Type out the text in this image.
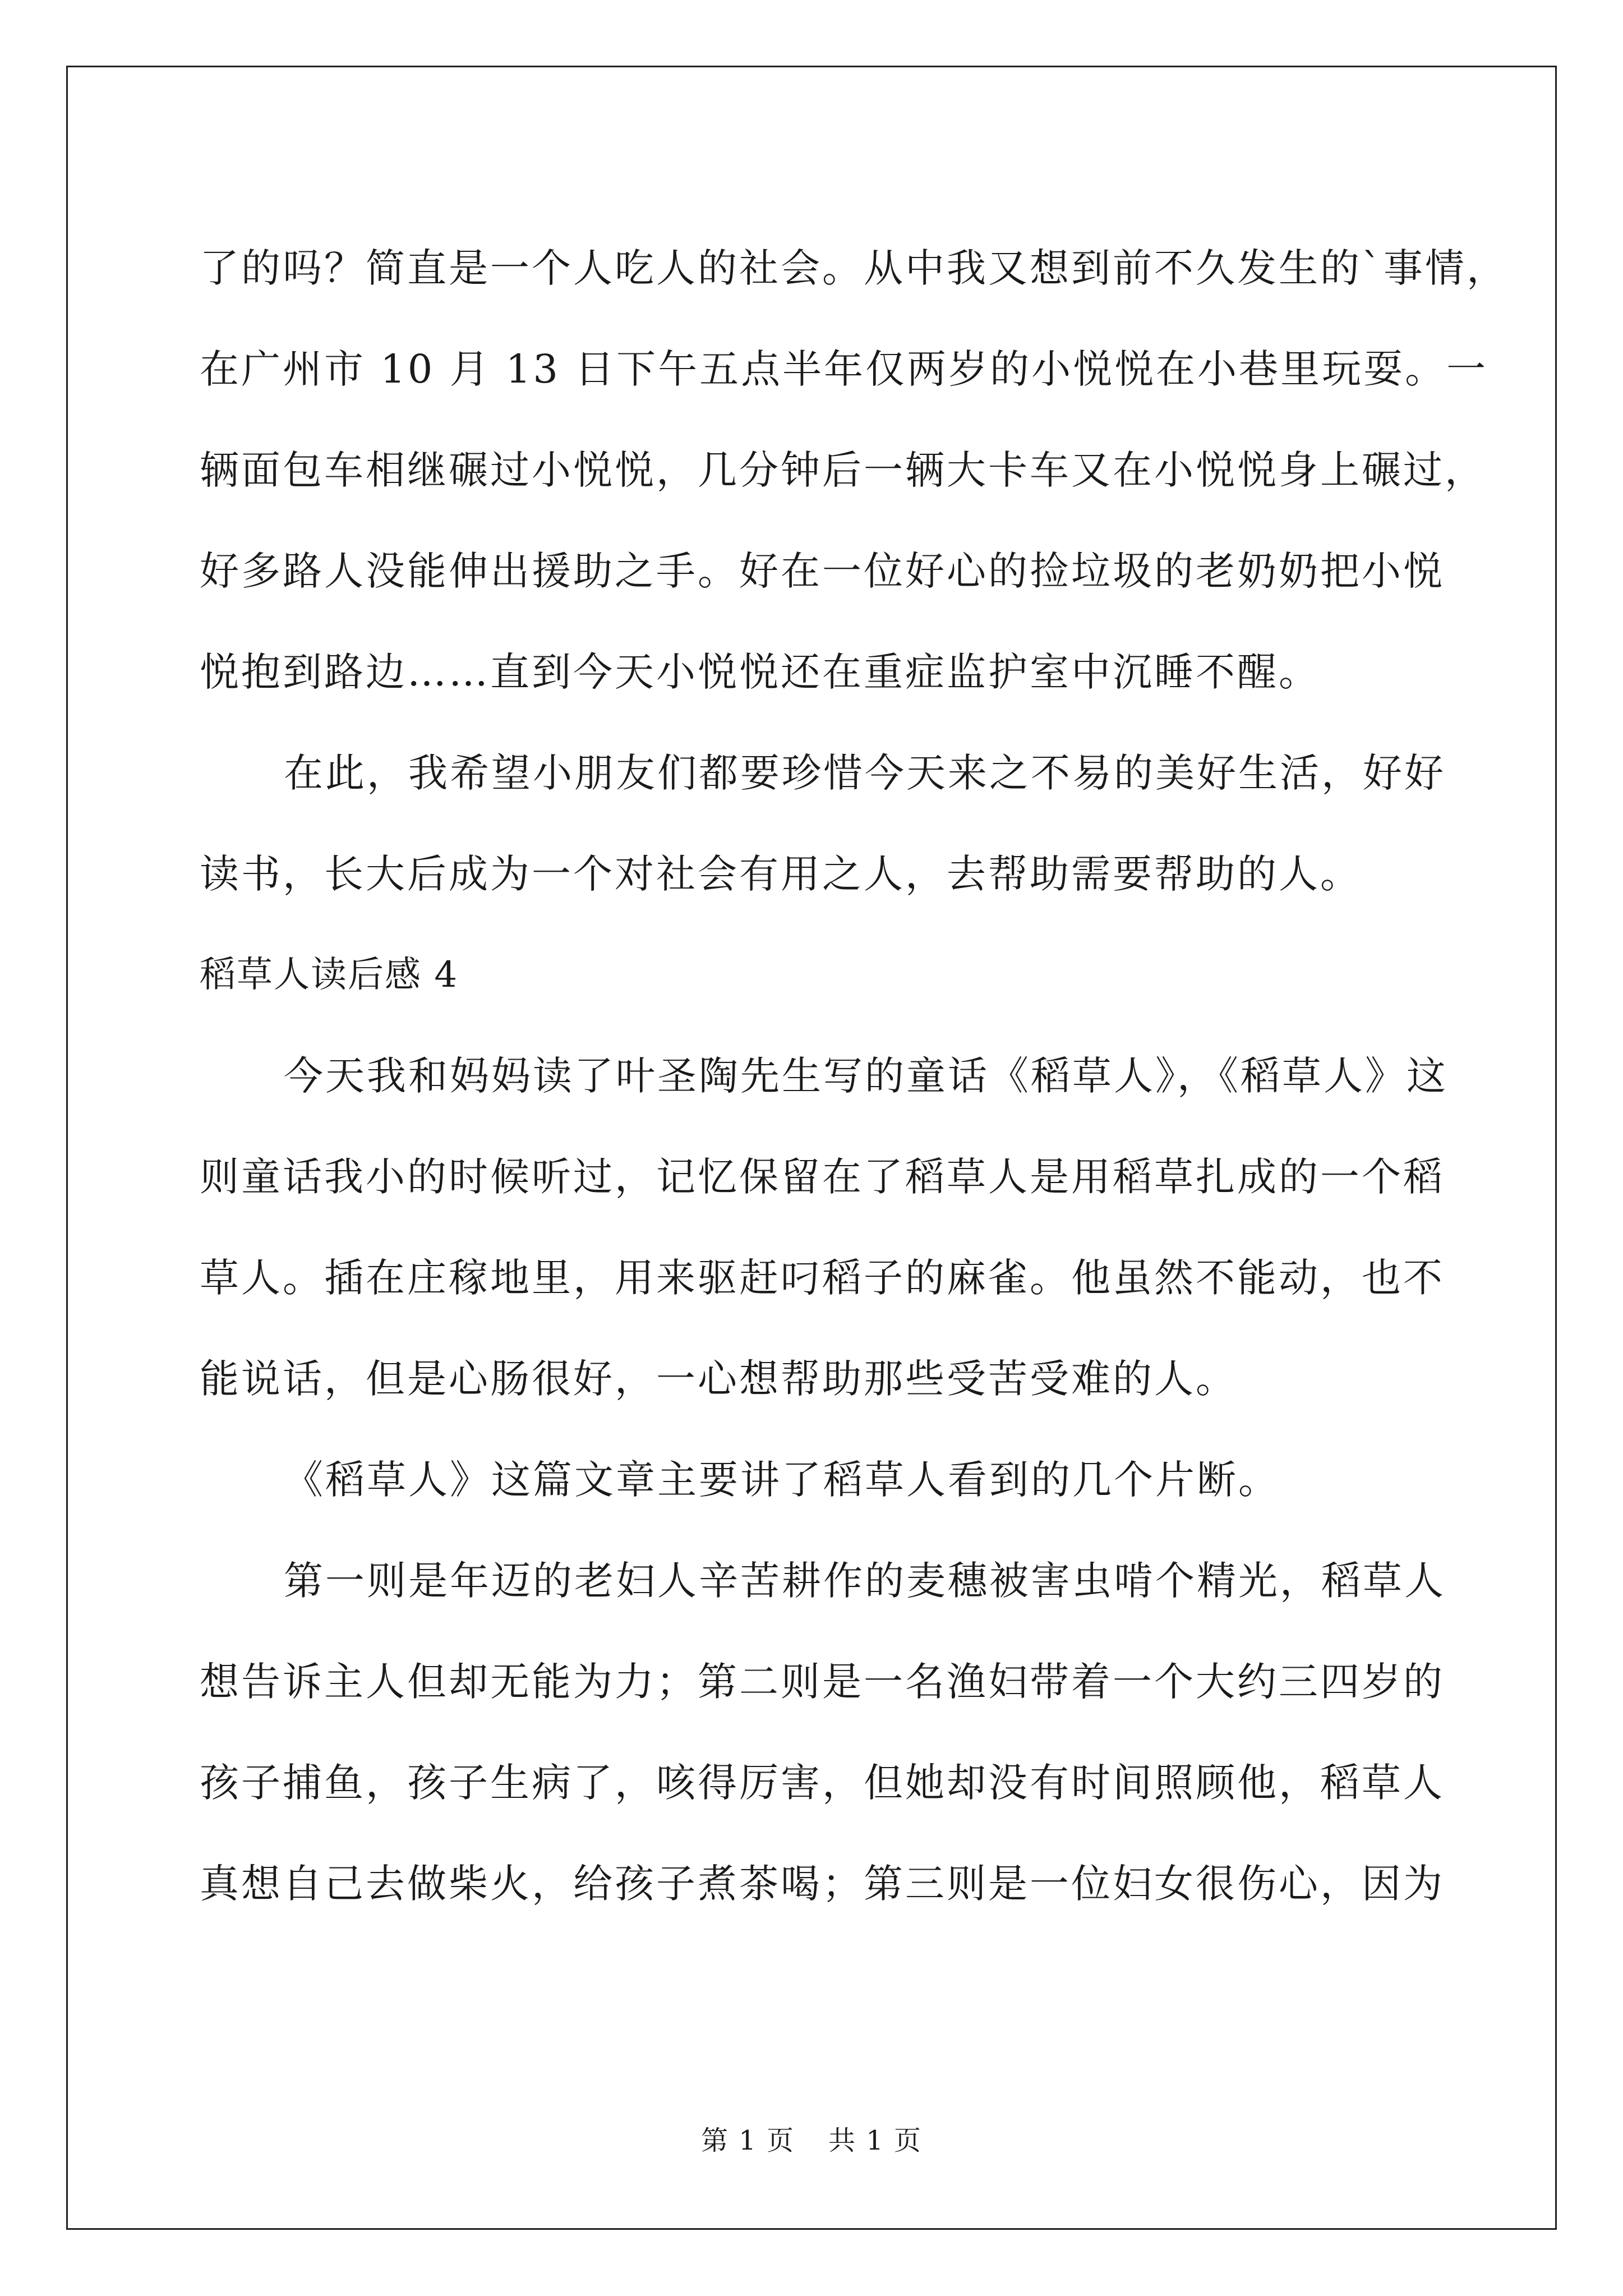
了的吗？简直是一个人吃人的社会。从中我又想到前不久发生的`事情，
在广州市 10 月 13 日下午五点半年仅两岁的小悦悦在小巷里玩耍。一
辆面包车相继碾过小悦悦，几分钟后一辆大卡车又在小悦悦身上碾过，
好多路人没能伸出援助之手。好在一位好心的捡垃圾的老奶奶把小悦
悦抱到路边……直到今天小悦悦还在重症监护室中沉睡不醒。
在此，我希望小朋友们都要珍惜今天来之不易的美好生活，好好
读书，长大后成为一个对社会有用之人，去帮助需要帮助的人。
稻草人读后感 4
今天我和妈妈读了叶圣陶先生写的童话《稻草人》，《稻草人》这
则童话我小的时候听过，记忆保留在了稻草人是用稻草扎成的一个稻
草人。插在庄稼地里，用来驱赶叼稻子的麻雀。他虽然不能动，也不
能说话，但是心肠很好，一心想帮助那些受苦受难的人。
《稻草人》这篇文章主要讲了稻草人看到的几个片断。
第一则是年迈的老妇人辛苦耕作的麦穗被害虫啃个精光，稻草人
想告诉主人但却无能为力；第二则是一名渔妇带着一个大约三四岁的
孩子捕鱼，孩子生病了，咳得厉害，但她却没有时间照顾他，稻草人
真想自己去做柴火，给孩子煮茶喝；第三则是一位妇女很伤心，因为
第 1 页 共 1 页
